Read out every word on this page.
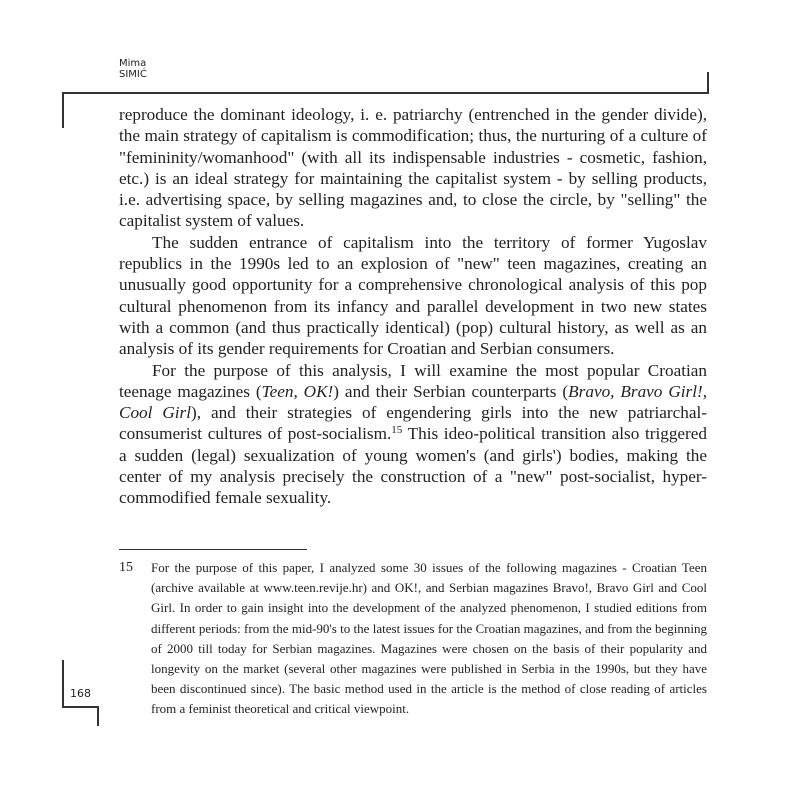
Mima
SIMIĆ

reproduce the dominant ideology, i. e. patriarchy (entrenched in the gender divide), the main strategy of capitalism is commodification; thus, the nurturing of a culture of "femininity/womanhood" (with all its indispensable industries - cosmetic, fashion, etc.) is an ideal strategy for maintaining the capitalist system - by selling products, i.e. advertising space, by selling magazines and, to close the circle, by "selling" the capitalist system of values.

The sudden entrance of capitalism into the territory of former Yugoslav republics in the 1990s led to an explosion of "new" teen magazines, creating an unusually good opportunity for a comprehensive chronological analysis of this pop cultural phenomenon from its infancy and parallel development in two new states with a common (and thus practically identical) (pop) cultural history, as well as an analysis of its gender requirements for Croatian and Serbian consumers.

For the purpose of this analysis, I will examine the most popular Croatian teenage magazines (Teen, OK!) and their Serbian counterparts (Bravo, Bravo Girl!, Cool Girl), and their strategies of engendering girls into the new patriarchal-consumerist cultures of post-socialism.$^{15}$ This ideo-political transition also triggered a sudden (legal) sexualization of young women's (and girls') bodies, making the center of my analysis precisely the construction of a "new" post-socialist, hyper-commodified female sexuality.

15 For the purpose of this paper, I analyzed some 30 issues of the following magazines - Croatian Teen (archive available at www.teen.revije.hr) and OK!, and Serbian magazines Bravo!, Bravo Girl and Cool Girl. In order to gain insight into the development of the analyzed phenomenon, I studied editions from different periods: from the mid-90's to the latest issues for the Croatian magazines, and from the beginning of 2000 till today for Serbian magazines. Magazines were chosen on the basis of their popularity and longevity on the market (several other magazines were published in Serbia in the 1990s, but they have been discontinued since). The basic method used in the article is the method of close reading of articles from a feminist theoretical and critical viewpoint.
168
